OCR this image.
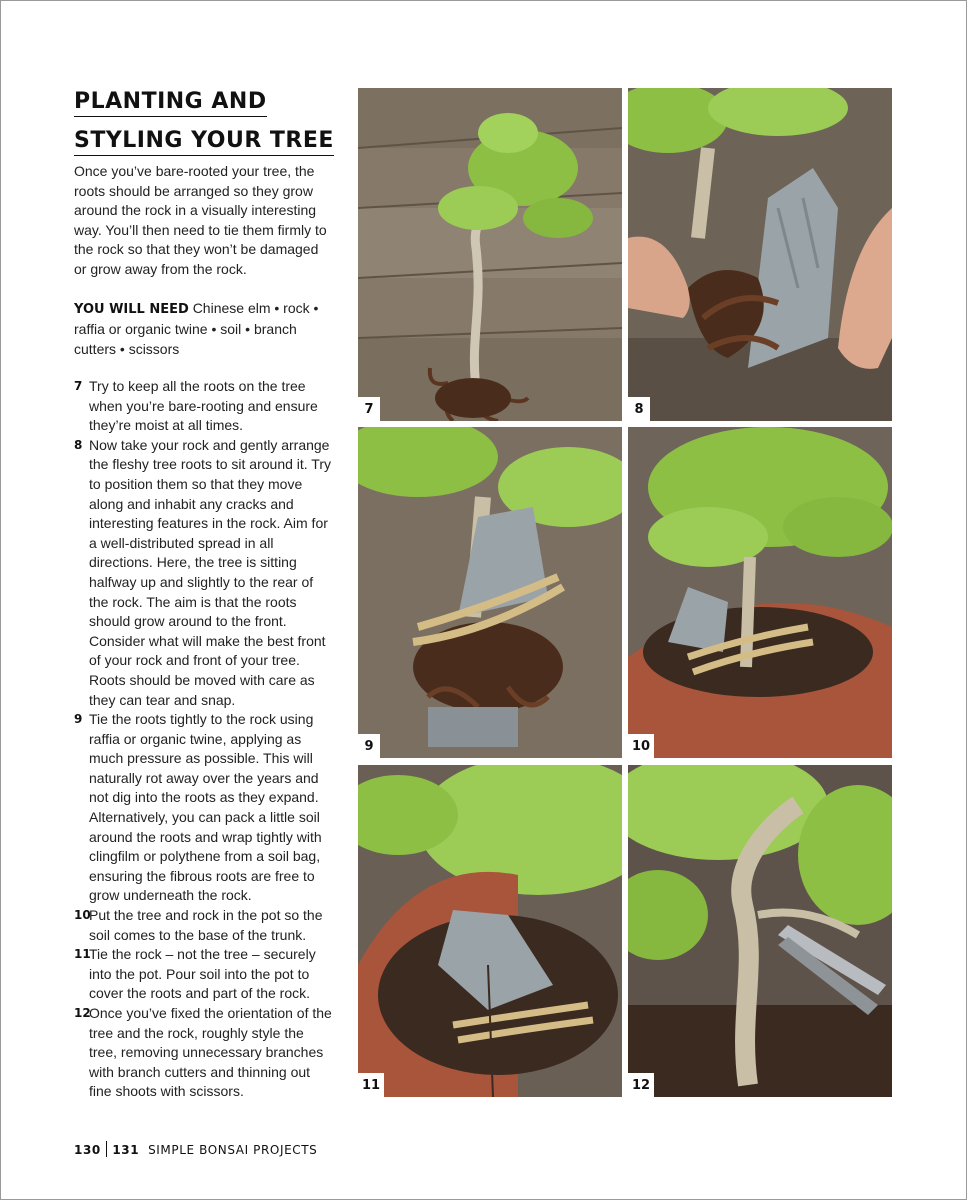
PLANTING AND STYLING YOUR TREE

Once you’ve bare-rooted your tree, the roots should be arranged so they grow around the rock in a visually interesting way. You’ll then need to tie them firmly to the rock so that they won’t be damaged or grow away from the rock.

YOU WILL NEED Chinese elm • rock • raffia or organic twine • soil • branch cutters • scissors

7 Try to keep all the roots on the tree when you’re bare-rooting and ensure they’re moist at all times.
8 Now take your rock and gently arrange the fleshy tree roots to sit around it. Try to position them so that they move along and inhabit any cracks and interesting features in the rock. Aim for a well-distributed spread in all directions. Here, the tree is sitting halfway up and slightly to the rear of the rock. The aim is that the roots should grow around to the front. Consider what will make the best front of your rock and front of your tree. Roots should be moved with care as they can tear and snap.
9 Tie the roots tightly to the rock using raffia or organic twine, applying as much pressure as possible. This will naturally rot away over the years and not dig into the roots as they expand. Alternatively, you can pack a little soil around the roots and wrap tightly with clingfilm or polythene from a soil bag, ensuring the fibrous roots are free to grow underneath the rock.
10
Put the tree and rock in the pot so the soil comes to the base of the trunk.
11
Tie the rock – not the tree – securely into the pot. Pour soil into the pot to cover the roots and part of the rock.
12
Once you’ve fixed the orientation of the tree and the rock, roughly style the tree, removing unnecessary branches with branch cutters and thinning out fine shoots with scissors.
7	8
9	10
11	12
130 131 SIMPLE BONSAI PROJECTS
